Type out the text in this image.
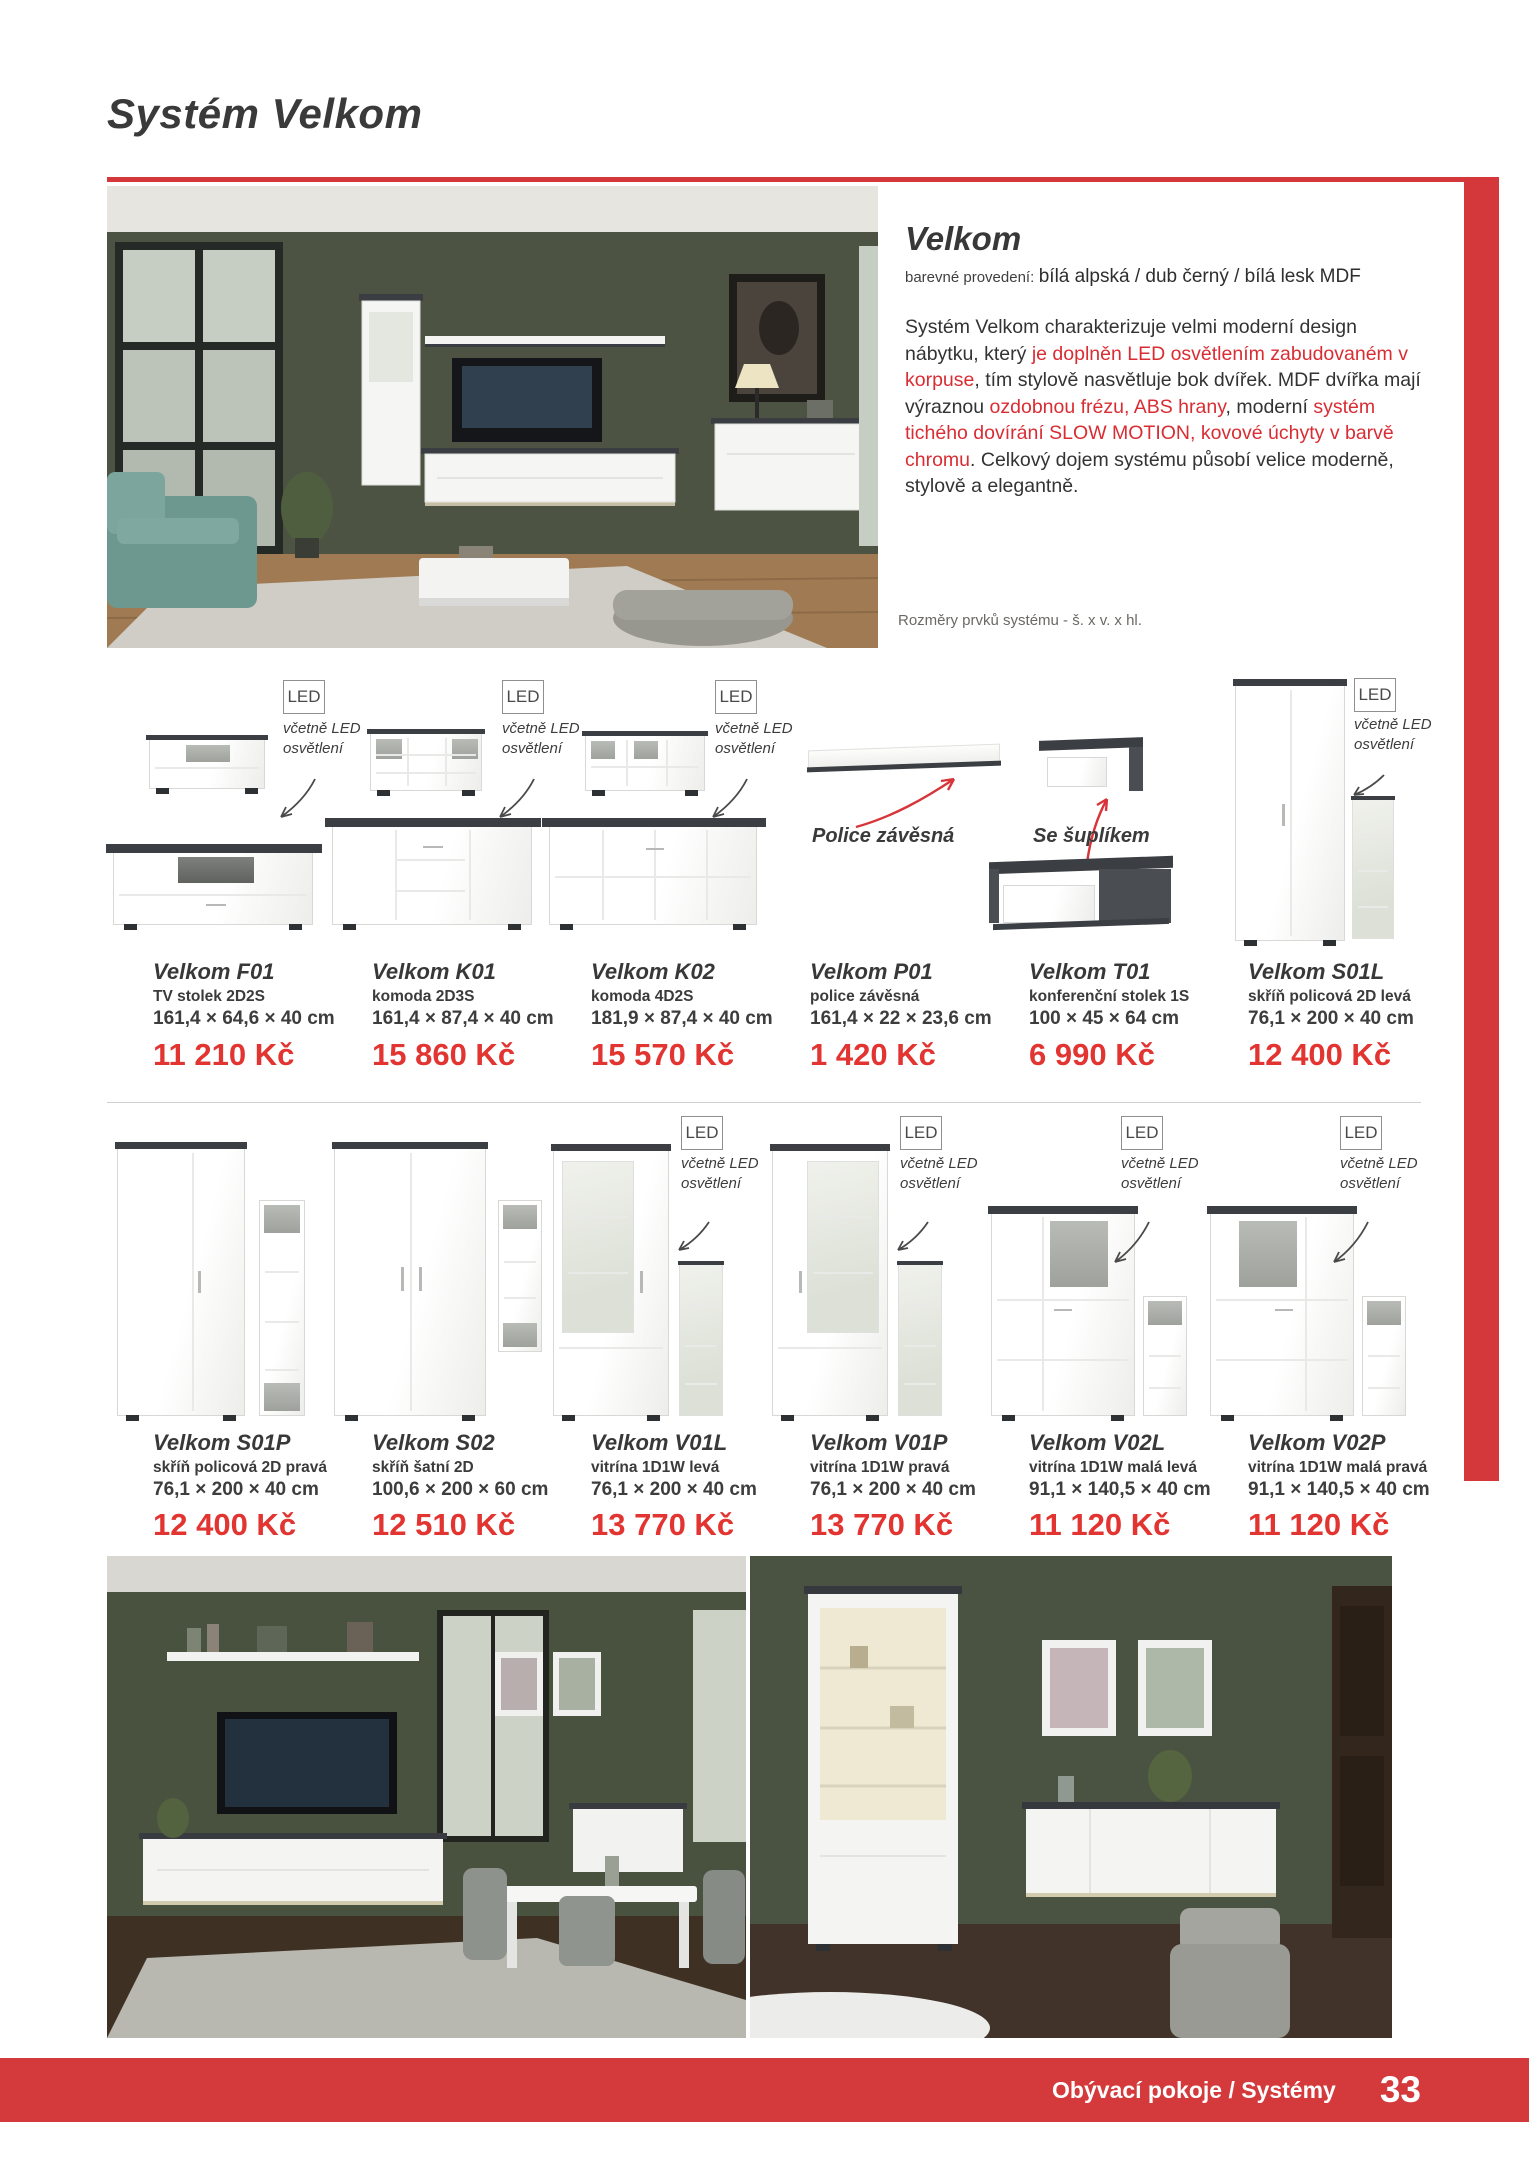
Systém Velkom
Velkom

barevné provedení: bílá alpská / dub černý / bílá lesk MDF

Systém Velkom charakterizuje velmi moderní design nábytku, který je doplněn LED osvětlením zabudovaném v korpuse, tím stylově nasvětluje bok dvířek. MDF dvířka mají výraznou ozdobnou frézu, ABS hrany, moderní systém tichého dovírání SLOW MOTION, kovové úchyty v barvě chromu. Celkový dojem systému působí velice moderně, stylově a elegantně.

Rozměry prvků systému - š. x v. x hl.
LED
včetně LED osvětlení
Velkom F01
TV stolek 2D2S
161,4 × 64,6 × 40 cm
11 210 Kč
LED
včetně LED osvětlení
Velkom K01
komoda 2D3S
161,4 × 87,4 × 40 cm
15 860 Kč
LED
včetně LED osvětlení
Velkom K02
komoda 4D2S
181,9 × 87,4 × 40 cm
15 570 Kč
Police závěsná
Velkom P01
police závěsná
161,4 × 22 × 23,6 cm
1 420 Kč
Se šuplíkem
Velkom T01
konferenční stolek 1S
100 × 45 × 64 cm
6 990 Kč
LED
včetně LED osvětlení
Velkom S01L
skříň policová 2D levá
76,1 × 200 × 40 cm
12 400 Kč
Velkom S01P
skříň policová 2D pravá
76,1 × 200 × 40 cm
12 400 Kč
Velkom S02
skříň šatní 2D
100,6 × 200 × 60 cm
12 510 Kč
LED
včetně LED osvětlení
Velkom V01L
vitrína 1D1W levá
76,1 × 200 × 40 cm
13 770 Kč
LED
včetně LED osvětlení
Velkom V01P
vitrína 1D1W pravá
76,1 × 200 × 40 cm
13 770 Kč
LED
včetně LED osvětlení
Velkom V02L
vitrína 1D1W malá levá
91,1 × 140,5 × 40 cm
11 120 Kč
LED
včetně LED osvětlení
Velkom V02P
vitrína 1D1W malá pravá
91,1 × 140,5 × 40 cm
11 120 Kč
Obývací pokoje / Systémy 33
